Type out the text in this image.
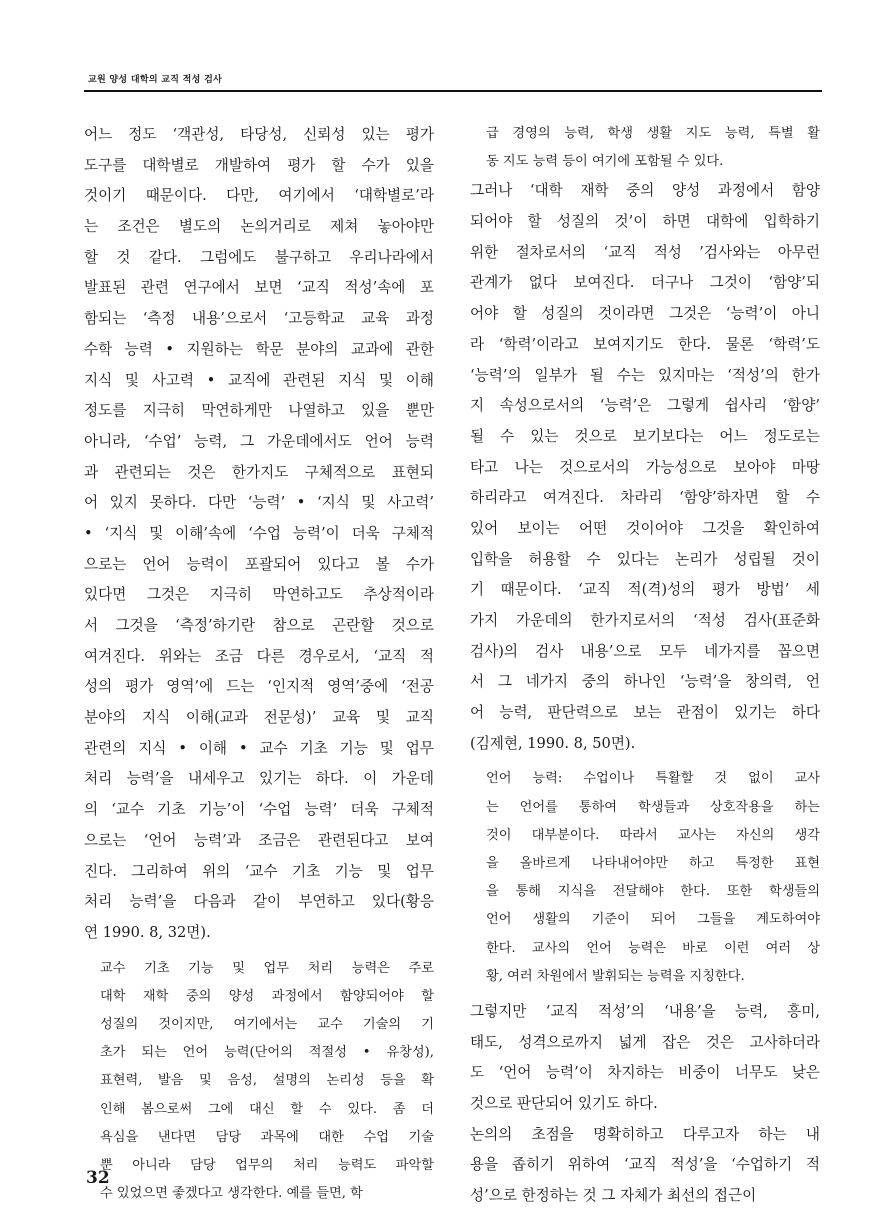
교원 양성 대학의 교직 적성 검사
어느 정도 ‘객관성, 타당성, 신뢰성 있는 평가
도구를 대학별로 개발하여 평가 할 수가 있을
것이기 때문이다. 다만, 여기에서 ‘대학별로’라
는 조건은 별도의 논의거리로 제쳐 놓아야만
할 것 같다. 그럼에도 불구하고 우리나라에서
발표된 관련 연구에서 보면 ‘교직 적성’속에 포
함되는 ‘측정 내용’으로서 ‘고등학교 교육 과정
수학 능력 • 지원하는 학문 분야의 교과에 관한
지식 및 사고력 • 교직에 관련된 지식 및 이해
정도를 지극히 막연하게만 나열하고 있을 뿐만
아니라, ‘수업’ 능력, 그 가운데에서도 언어 능력
과 관련되는 것은 한가지도 구체적으로 표현되
어 있지 못하다. 다만 ‘능력’ • ‘지식 및 사고력’
• ‘지식 및 이해’속에 ‘수업 능력’이 더욱 구체적
으로는 언어 능력이 포괄되어 있다고 볼 수가
있다면 그것은 지극히 막연하고도 추상적이라
서 그것을 ‘측정’하기란 참으로 곤란할 것으로
여겨진다. 위와는 조금 다른 경우로서, ‘교직 적
성의 평가 영역’에 드는 ‘인지적 영역’중에 ‘전공
분야의 지식 이해(교과 전문성)’ 교육 및 교직
관련의 지식 • 이해 • 교수 기초 기능 및 업무
처리 능력’을 내세우고 있기는 하다. 이 가운데
의 ‘교수 기초 기능’이 ‘수업 능력’ 더욱 구체적
으로는 ‘언어 능력’과 조금은 관련된다고 보여
진다. 그리하여 위의 ‘교수 기초 기능 및 업무
처리 능력’을 다음과 같이 부연하고 있다(황응
연 1990. 8, 32면).
교수 기초 기능 및 업무 처리 능력은 주로
대학 재학 중의 양성 과정에서 함양되어야 할
성질의 것이지만, 여기에서는 교수 기술의 기
초가 되는 언어 능력(단어의 적절성 • 유창성),
표현력, 발음 및 음성, 설명의 논리성 등을 확
인해 봄으로써 그에 대신 할 수 있다. 좀 더
욕심을 낸다면 담당 과목에 대한 수업 기술
뿐 아니라 담당 업무의 처리 능력도 파악할
수 있었으면 좋겠다고 생각한다. 예를 들면, 학
급 경영의 능력, 학생 생활 지도 능력, 특별 활
동 지도 능력 등이 여기에 포함될 수 있다.
그러나 ‘대학 재학 중의 양성 과정에서 함양
되어야 할 성질의 것’이 하면 대학에 입학하기
위한 절차로서의 ‘교직 적성 ’검사와는 아무런
관계가 없다 보여진다. 더구나 그것이 ‘함양’되
어야 할 성질의 것이라면 그것은 ‘능력’이 아니
라 ‘학력’이라고 보여지기도 한다. 물론 ‘학력’도
‘능력’의 일부가 될 수는 있지마는 ‘적성’의 한가
지 속성으로서의 ‘능력’은 그렇게 쉽사리 ‘함양’
될 수 있는 것으로 보기보다는 어느 정도로는
타고 나는 것으로서의 가능성으로 보아야 마땅
하리라고 여겨진다. 차라리 ‘함양’하자면 할 수
있어 보이는 어떤 것이어야 그것을 확인하여
입학을 허용할 수 있다는 논리가 성립될 것이
기 때문이다. ‘교직 적(격)성의 평가 방법’ 세
가지 가운데의 한가지로서의 ‘적성 검사(표준화
검사)의 검사 내용’으로 모두 네가지를 꼽으면
서 그 네가지 중의 하나인 ‘능력’을 창의력, 언
어 능력, 판단력으로 보는 관점이 있기는 하다
(김제현, 1990. 8, 50면).
언어 능력: 수업이나 특활할 것 없이 교사
는 언어를 통하여 학생들과 상호작용을 하는
것이 대부분이다. 따라서 교사는 자신의 생각
을 올바르게 나타내어야만 하고 특정한 표현
을 통해 지식을 전달해야 한다. 또한 학생들의
언어 생활의 기준이 되어 그들을 계도하여야
한다. 교사의 언어 능력은 바로 이런 여러 상
황, 여러 차원에서 발휘되는 능력을 지칭한다.
그렇지만 ‘교직 적성’의 ‘내용’을 능력, 흥미,
태도, 성격으로까지 넓게 잡은 것은 고사하더라
도 ‘언어 능력’이 차지하는 비중이 너무도 낮은
것으로 판단되어 있기도 하다.
논의의 초점을 명확히하고 다루고자 하는 내
용을 좁히기 위하여 ‘교직 적성’을 ‘수업하기 적
성’으로 한정하는 것 그 자체가 최선의 접근이
32
